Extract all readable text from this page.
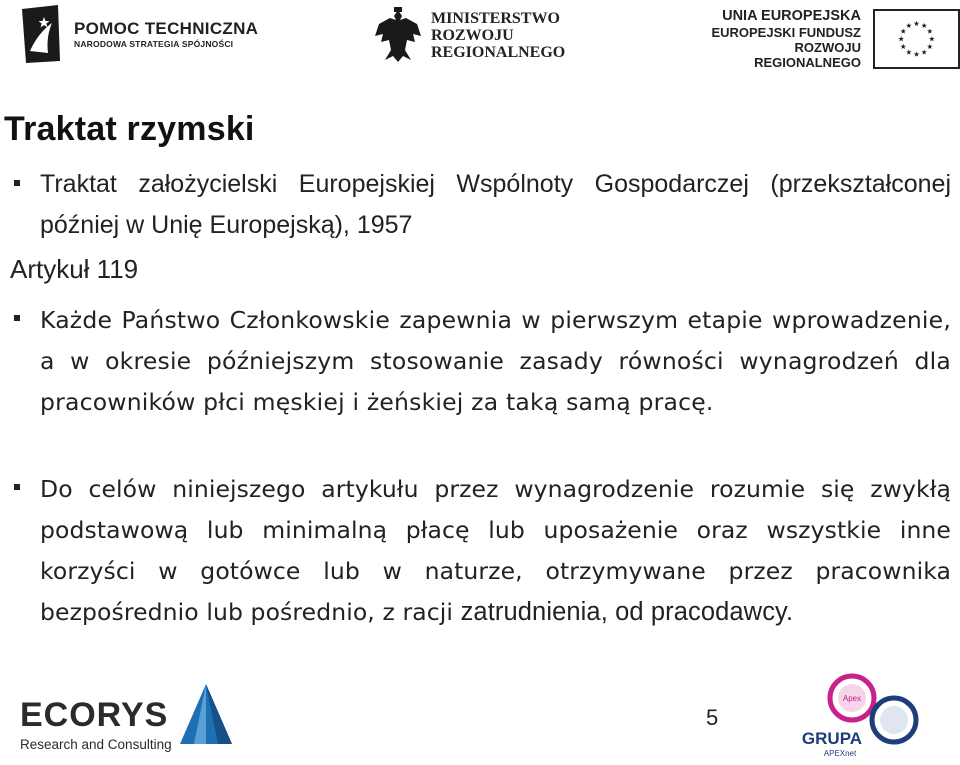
POMOC TECHNICZNA
NARODOWA STRATEGIA SPÓJNOŚCI
MINISTERSTWO
ROZWOJU
REGIONALNEGO
UNIA EUROPEJSKA
EUROPEJSKI FUNDUSZ
ROZWOJU REGIONALNEGO
Traktat rzymski

Traktat założycielski Europejskiej Wspólnoty Gospodarczej (przekształconej później w Unię Europejską), 1957

Artykuł 119

Każde Państwo Członkowskie zapewnia w pierwszym etapie wprowadzenie, a w okresie późniejszym stosowanie zasady równości wynagrodzeń dla pracowników płci męskiej i żeńskiej za taką samą pracę.

Do celów niniejszego artykułu przez wynagrodzenie rozumie się zwykłą podstawową lub minimalną płacę lub uposażenie oraz wszystkie inne korzyści w gotówce lub w naturze, otrzymywane przez pracownika bezpośrednio lub pośrednio, z racji zatrudnienia, od pracodawcy.

ECORYS
Research and Consulting
5
Apex
GRUPA
APEXnet
